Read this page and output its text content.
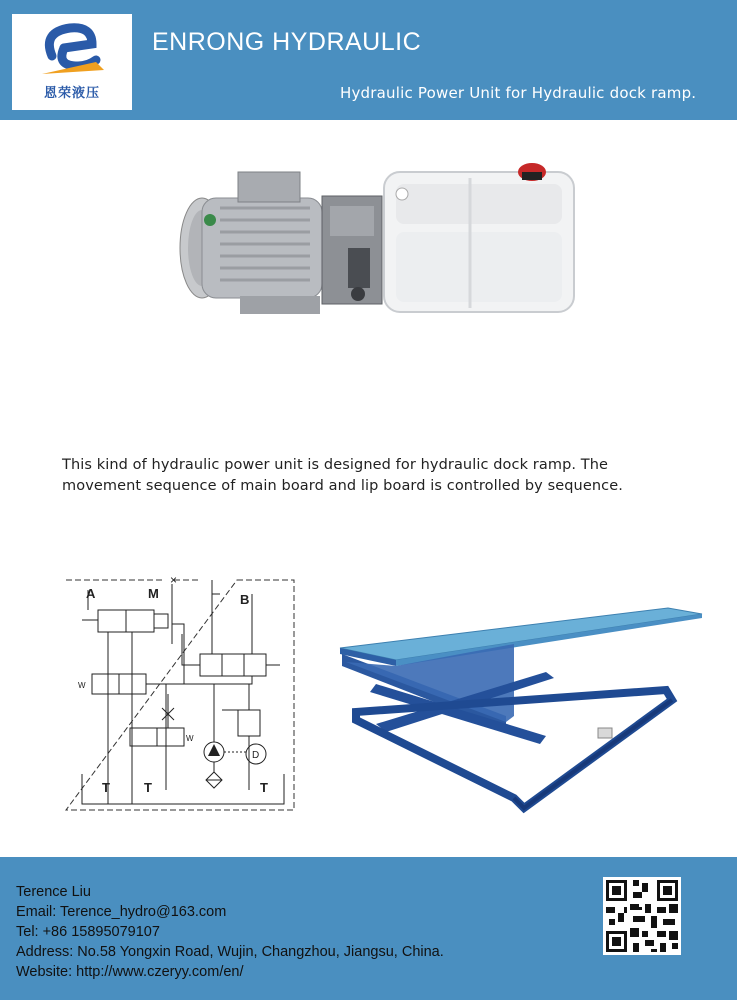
恩荣液压
ENRONG HYDRAULIC
Hydraulic Power Unit for Hydraulic dock ramp.

This kind of hydraulic power unit is designed for hydraulic dock ramp. The

movement sequence of main board and lip board is controlled by sequence.

A	M	B
×
T	T	T
W
W
D
Terence Liu
Email: Terence_hydro@163.com
Tel: +86 15895079107
Address: No.58 Yongxin Road, Wujin, Changzhou, Jiangsu, China.
Website: http://www.czeryy.com/en/
